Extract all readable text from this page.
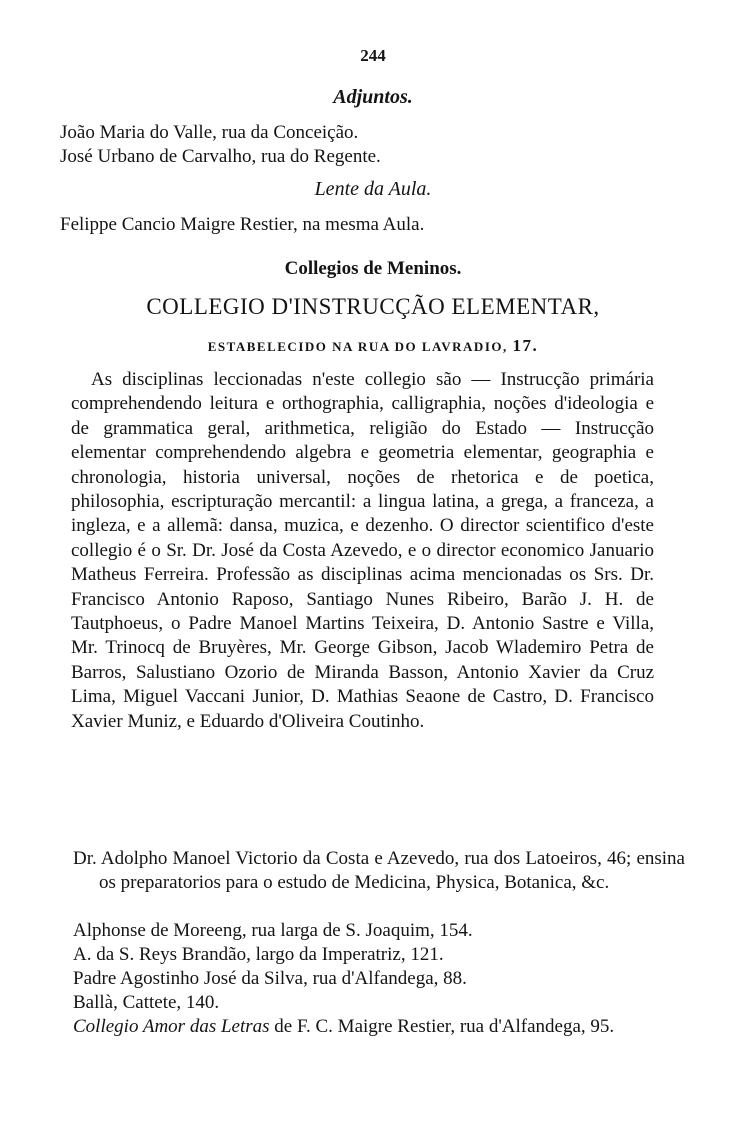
244
Adjuntos.
João Maria do Valle, rua da Conceição.
José Urbano de Carvalho, rua do Regente.
Lente da Aula.
Felippe Cancio Maigre Restier, na mesma Aula.
Collegios de Meninos.
COLLEGIO D'INSTRUCÇÃO ELEMENTAR,
ESTABELECIDO NA RUA DO LAVRADIO, 17.

As disciplinas leccionadas n'este collegio são — Instrucção primária comprehendendo leitura e orthographia, calligraphia, noções d'ideologia e de grammatica geral, arithmetica, religião do Estado — Instrucção elementar comprehendendo algebra e geometria elementar, geographia e chronologia, historia universal, noções de rhetorica e de poetica, philosophia, escripturação mercantil: a lingua latina, a grega, a franceza, a ingleza, e a allemã: dansa, muzica, e dezenho. O director scientifico d'este collegio é o Sr. Dr. José da Costa Azevedo, e o director economico Januario Matheus Ferreira. Professão as disciplinas acima mencionadas os Srs. Dr. Francisco Antonio Raposo, Santiago Nunes Ribeiro, Barão J. H. de Tautphoeus, o Padre Manoel Martins Teixeira, D. Antonio Sastre e Villa, Mr. Trinocq de Bruyères, Mr. George Gibson, Jacob Wlademiro Petra de Barros, Salustiano Ozorio de Miranda Basson, Antonio Xavier da Cruz Lima, Miguel Vaccani Junior, D. Mathias Seaone de Castro, D. Francisco Xavier Muniz, e Eduardo d'Oliveira Coutinho.

Dr. Adolpho Manoel Victorio da Costa e Azevedo, rua dos Latoeiros, 46; ensina os preparatorios para o estudo de Medicina, Physica, Botanica, &c.

Alphonse de Moreeng, rua larga de S. Joaquim, 154.

A. da S. Reys Brandão, largo da Imperatriz, 121.

Padre Agostinho José da Silva, rua d'Alfandega, 88.

Ballà, Cattete, 140.

Collegio Amor das Letras de F. C. Maigre Restier, rua d'Alfandega, 95.
